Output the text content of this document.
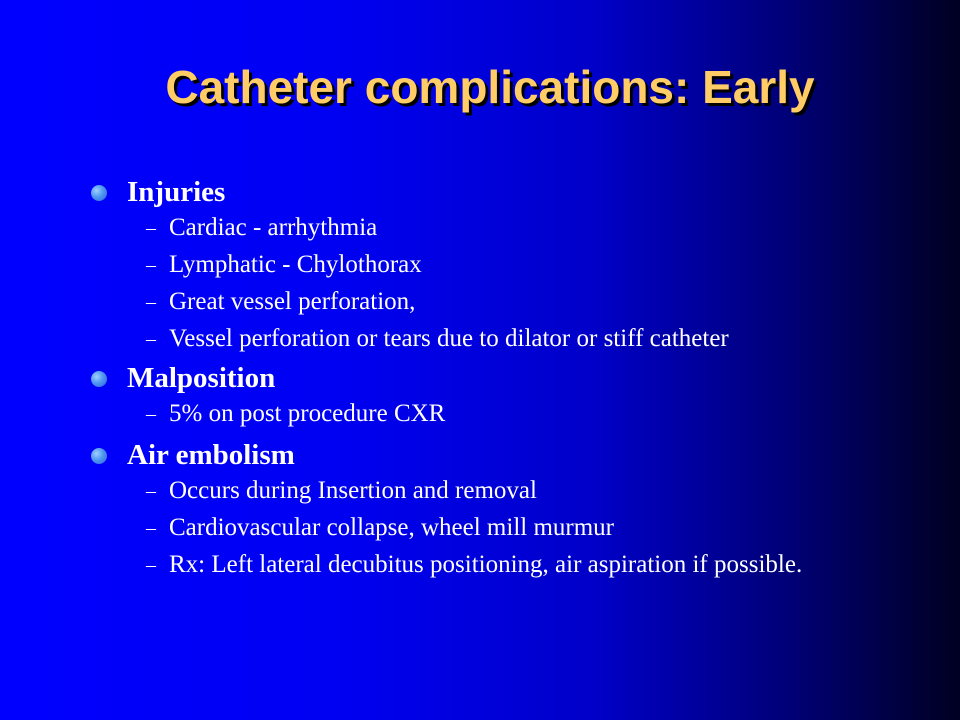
Catheter complications: Early
Injuries
– Cardiac - arrhythmia
– Lymphatic - Chylothorax
– Great vessel perforation,
– Vessel perforation or tears due to dilator or stiff catheter
Malposition
– 5% on post procedure CXR
Air embolism
– Occurs during Insertion and removal
– Cardiovascular collapse, wheel mill murmur
– Rx: Left lateral decubitus positioning, air aspiration if possible.
